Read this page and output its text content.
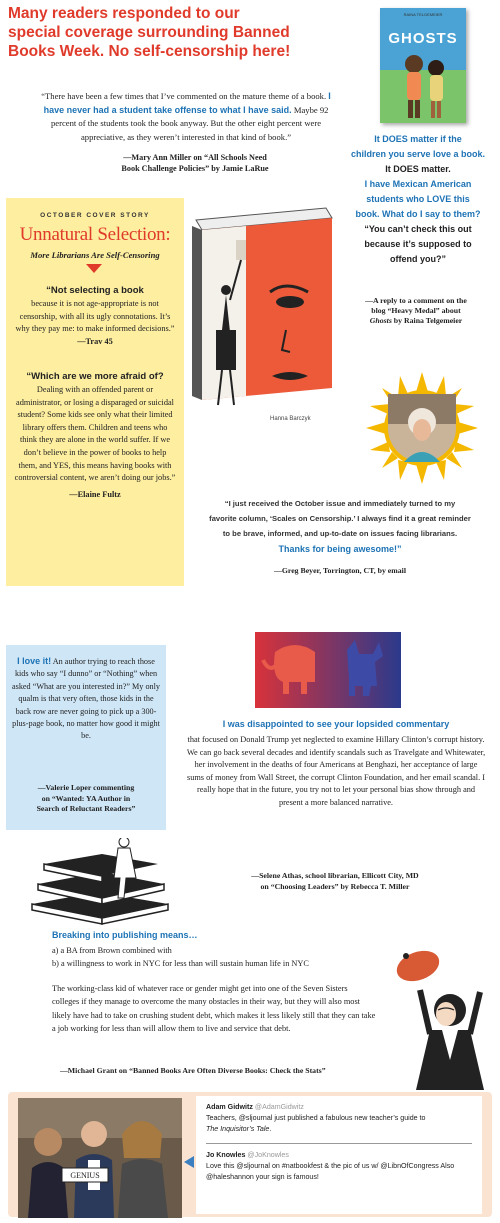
Many readers responded to our
special coverage surrounding Banned
Books Week. No self-censorship here!
RAINA TELGEMEIER
GHOSTS
“There have been a few times that I’ve commented on the mature theme of a book. I have never had a student take offense to what I have said. Maybe 92 percent of the students took the book anyway. But the other eight percent were appreciative, as they weren’t interested in that kind of book.”
—Mary Ann Miller on “All Schools Need
Book Challenge Policies” by Jamie LaRue
It DOES matter if the
children you serve love a book.
It DOES matter.
I have Mexican American
students who LOVE this
book. What do I say to them?
“You can’t check this out
because it’s supposed to
offend you?”
—A reply to a comment on the
blog “Heavy Medal” about
Ghosts by Raina Telgemeier
OCTOBER COVER STORY
Unnatural Selection:
More Librarians Are Self-Censoring
“Not selecting a book
because it is not age-appropriate is not censorship, with all its ugly connotations. It’s why they pay me: to make informed decisions.”
—Trav 45
“Which are we more afraid of?
Dealing with an offended parent or administrator, or losing a disparaged or suicidal student? Some kids see only what their limited library offers them. Children and teens who think they are alone in the world suffer. If we don’t believe in the power of books to help them, and YES, this means having books with controversial content, we aren’t doing our jobs.”
—Elaine Fultz
Hanna Barczyk
“I just received the October issue and immediately turned to my
favorite column, ‘Scales on Censorship.’ I always find it a great reminder
to be brave, informed, and up-to-date on issues facing librarians.
Thanks for being awesome!”
—Greg Beyer, Torrington, CT, by email
I love it! An author trying to reach those kids who say “I dunno” or “Nothing” when asked “What are you interested in?” My only qualm is that very often, those kids in the back row are never going to pick up a 300-plus-page book, no matter how good it might be.
—Valerie Loper commenting
on “Wanted: YA Author in
Search of Reluctant Readers”
I was disappointed to see your lopsided commentary
that focused on Donald Trump yet neglected to examine Hillary Clinton’s corrupt history. We can go back several decades and identify scandals such as Travelgate and Whitewater, her involvement in the deaths of four Americans at Benghazi, her acceptance of large sums of money from Wall Street, the corrupt Clinton Foundation, and her email scandal. I really hope that in the future, you try not to let your personal bias show through and present a more balanced narrative.
—Selene Athas, school librarian, Ellicott City, MD
on “Choosing Leaders” by Rebecca T. Miller
Breaking into publishing means…
a) a BA from Brown combined with
b) a willingness to work in NYC for less than will sustain human life in NYC
The working-class kid of whatever race or gender might get into one of the Seven Sisters colleges if they manage to overcome the many obstacles in their way, but they will also most likely have had to take on crushing student debt, which makes it less likely still that they can take a job working for less than will allow them to live and service that debt.
—Michael Grant on “Banned Books Are Often Diverse Books: Check the Stats”
GENIUS
Adam Gidwitz @AdamGidwitz
Teachers, @sljournal just published a fabulous new teacher’s guide to
The Inquisitor’s Tale.
Jo Knowles @JoKnowles
Love this @sljournal on #natbookfest & the pic of us w/ @LibnOfCongress Also
@haleshannon your sign is famous!
